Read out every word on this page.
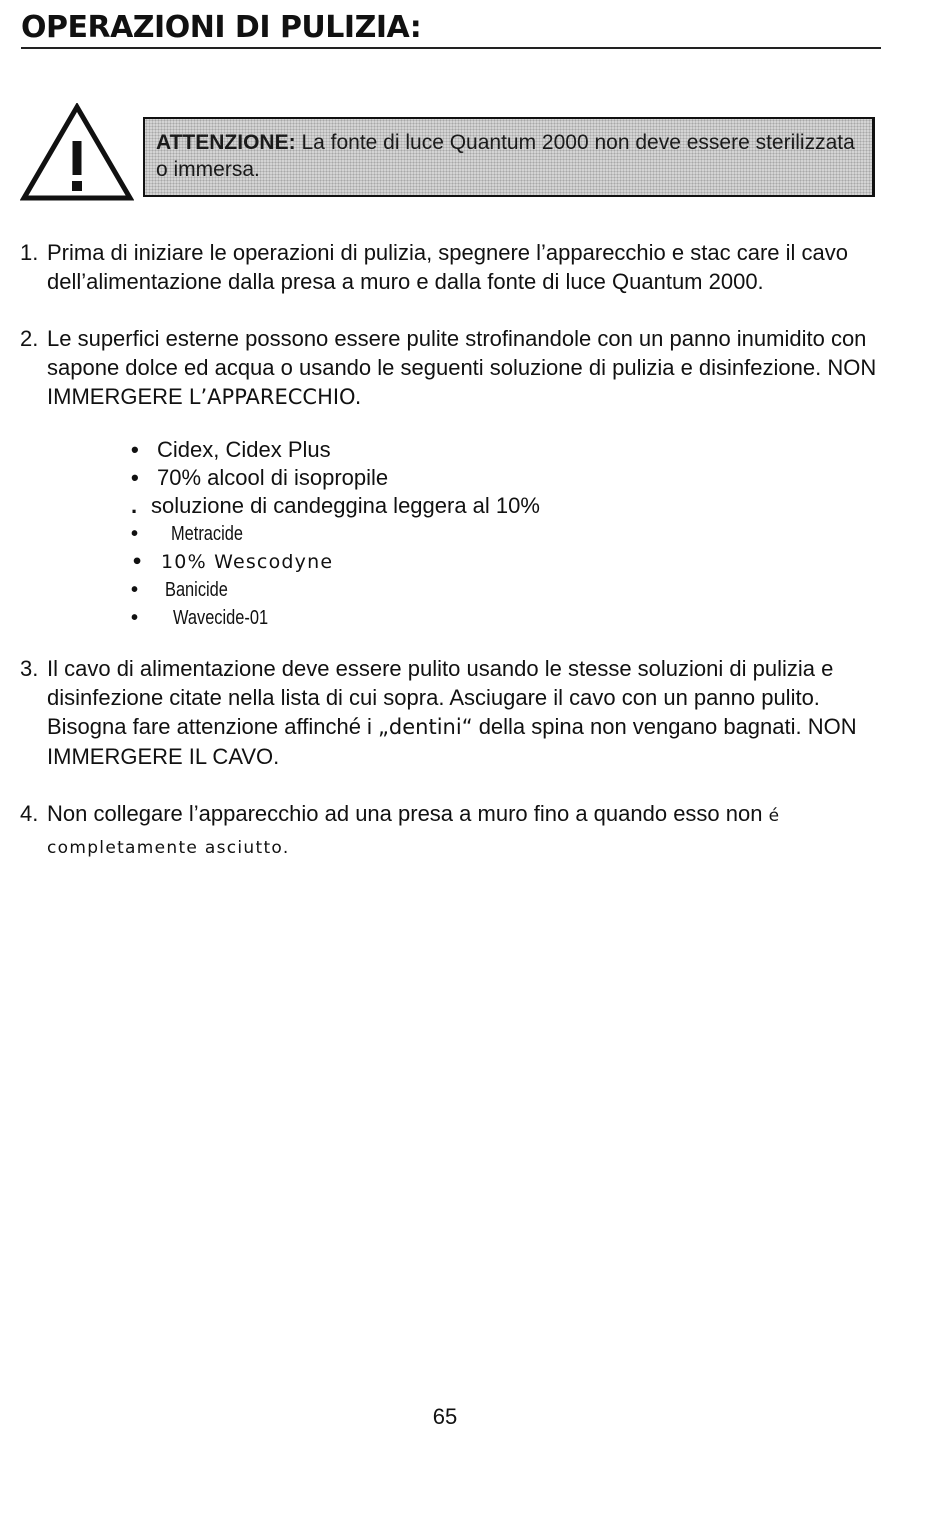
OPERAZIONI DI PULIZIA:

ATTENZIONE: La fonte di luce Quantum 2000 non deve essere sterilizzata o immersa.

1. Prima di iniziare le operazioni di pulizia, spegnere l’apparecchio e stac care il cavo dell’alimentazione dalla presa a muro e dalla fonte di luce Quantum 2000.
2. Le superfici esterne possono essere pulite strofinandole con un panno inumidito con sapone dolce ed acqua o usando le seguenti soluzione di pulizia e disinfezione. NON IMMERGERE L’APPARECCHIO.
• Cidex, Cidex Plus
• 70% alcool di isopropile
. soluzione di candeggina leggera al 10%
• Metracide
• 10% Wescodyne
• Banicide
• Wavecide-01
3. Il cavo di alimentazione deve essere pulito usando le stesse soluzioni di pulizia e disinfezione citate nella lista di cui sopra. Asciugare il cavo con un panno pulito. Bisogna fare attenzione affinché i „dentini“ della spina non vengano bagnati. NON IMMERGERE IL CAVO.
4. Non collegare l’apparecchio ad una presa a muro fino a quando esso non é completamente asciutto.
65
